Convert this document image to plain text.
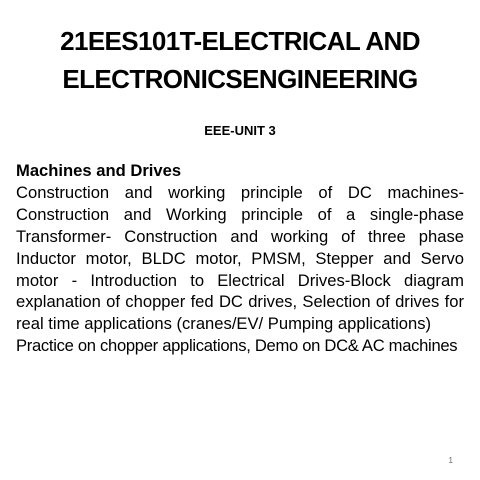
21EES101T-ELECTRICAL AND
ELECTRONICSENGINEERING
EEE-UNIT 3
Machines and Drives
Construction and working principle of DC machines- Construction and Working principle of a single-phase Transformer- Construction and working of three phase Inductor motor, BLDC motor, PMSM, Stepper and Servo motor - Introduction to Electrical Drives-Block diagram explanation of chopper fed DC drives, Selection of drives for real time applications (cranes/EV/ Pumping applications)
Practice on chopper applications, Demo on DC& AC machines
1
